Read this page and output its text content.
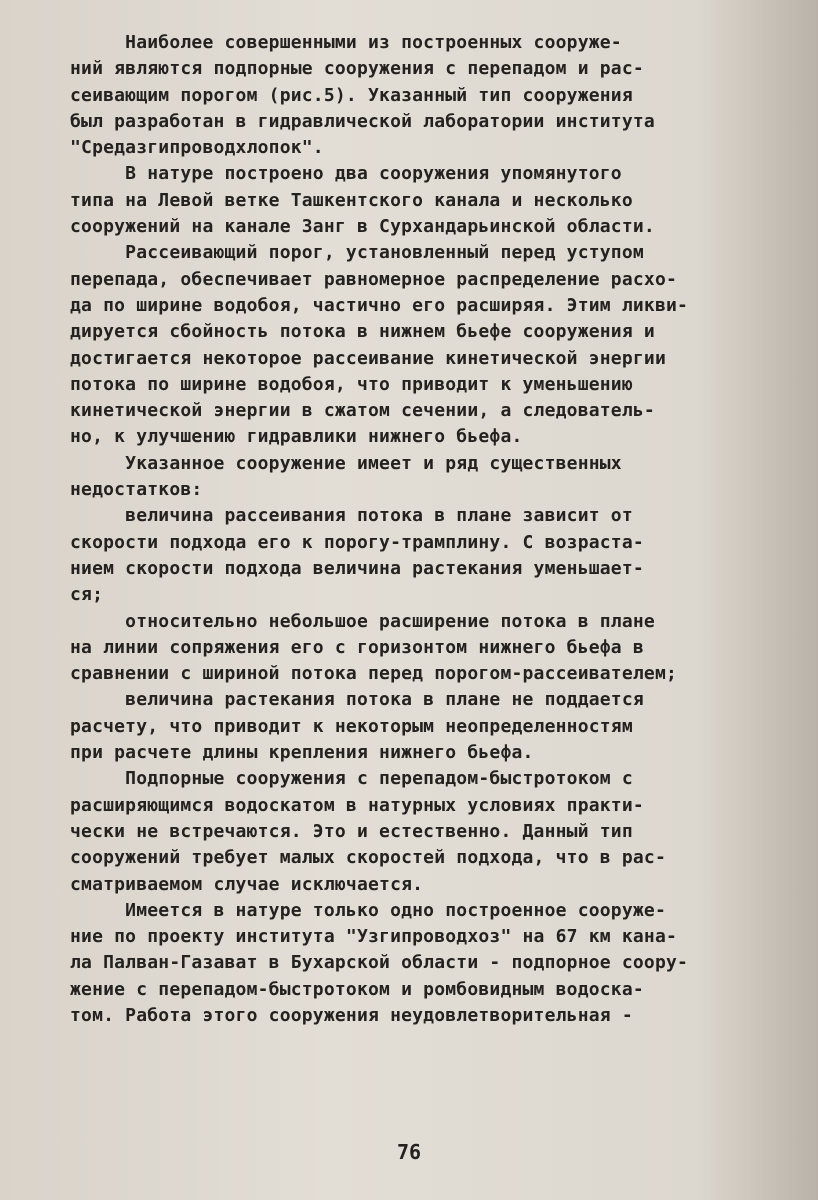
Наиболее совершенными из построенных сооруже-
ний являются подпорные сооружения с перепадом и рас-
сеивающим порогом (рис.5). Указанный тип сооружения
был разработан в гидравлической лаборатории института
"Средазгипроводхлопок".
В натуре построено два сооружения упомянутого
типа на Левой ветке Ташкентского канала и несколько
сооружений на канале Занг в Сурхандарьинской области.
Рассеивающий порог, установленный перед уступом
перепада, обеспечивает равномерное распределение расхо-
да по ширине водобоя, частично его расширяя. Этим ликви-
дируется сбойность потока в нижнем бьефе сооружения и
достигается некоторое рассеивание кинетической энергии
потока по ширине водобоя, что приводит к уменьшению
кинетической энергии в сжатом сечении, а следователь-
но, к улучшению гидравлики нижнего бьефа.
Указанное сооружение имеет и ряд существенных
недостатков:
величина рассеивания потока в плане зависит от
скорости подхода его к порогу-трамплину. С возраста-
нием скорости подхода величина растекания уменьшает-
ся;
относительно небольшое расширение потока в плане
на линии сопряжения его с горизонтом нижнего бьефа в
сравнении с шириной потока перед порогом-рассеивателем;
величина растекания потока в плане не поддается
расчету, что приводит к некоторым неопределенностям
при расчете длины крепления нижнего бьефа.
Подпорные сооружения с перепадом-быстротоком с
расширяющимся водоскатом в натурных условиях практи-
чески не встречаются. Это и естественно. Данный тип
сооружений требует малых скоростей подхода, что в рас-
сматриваемом случае исключается.
Имеется в натуре только одно построенное сооруже-
ние по проекту института "Узгипроводхоз" на 67 км кана-
ла Палван-Газават в Бухарской области - подпорное соору-
жение с перепадом-быстротоком и ромбовидным водоска-
том. Работа этого сооружения неудовлетворительная -
76
